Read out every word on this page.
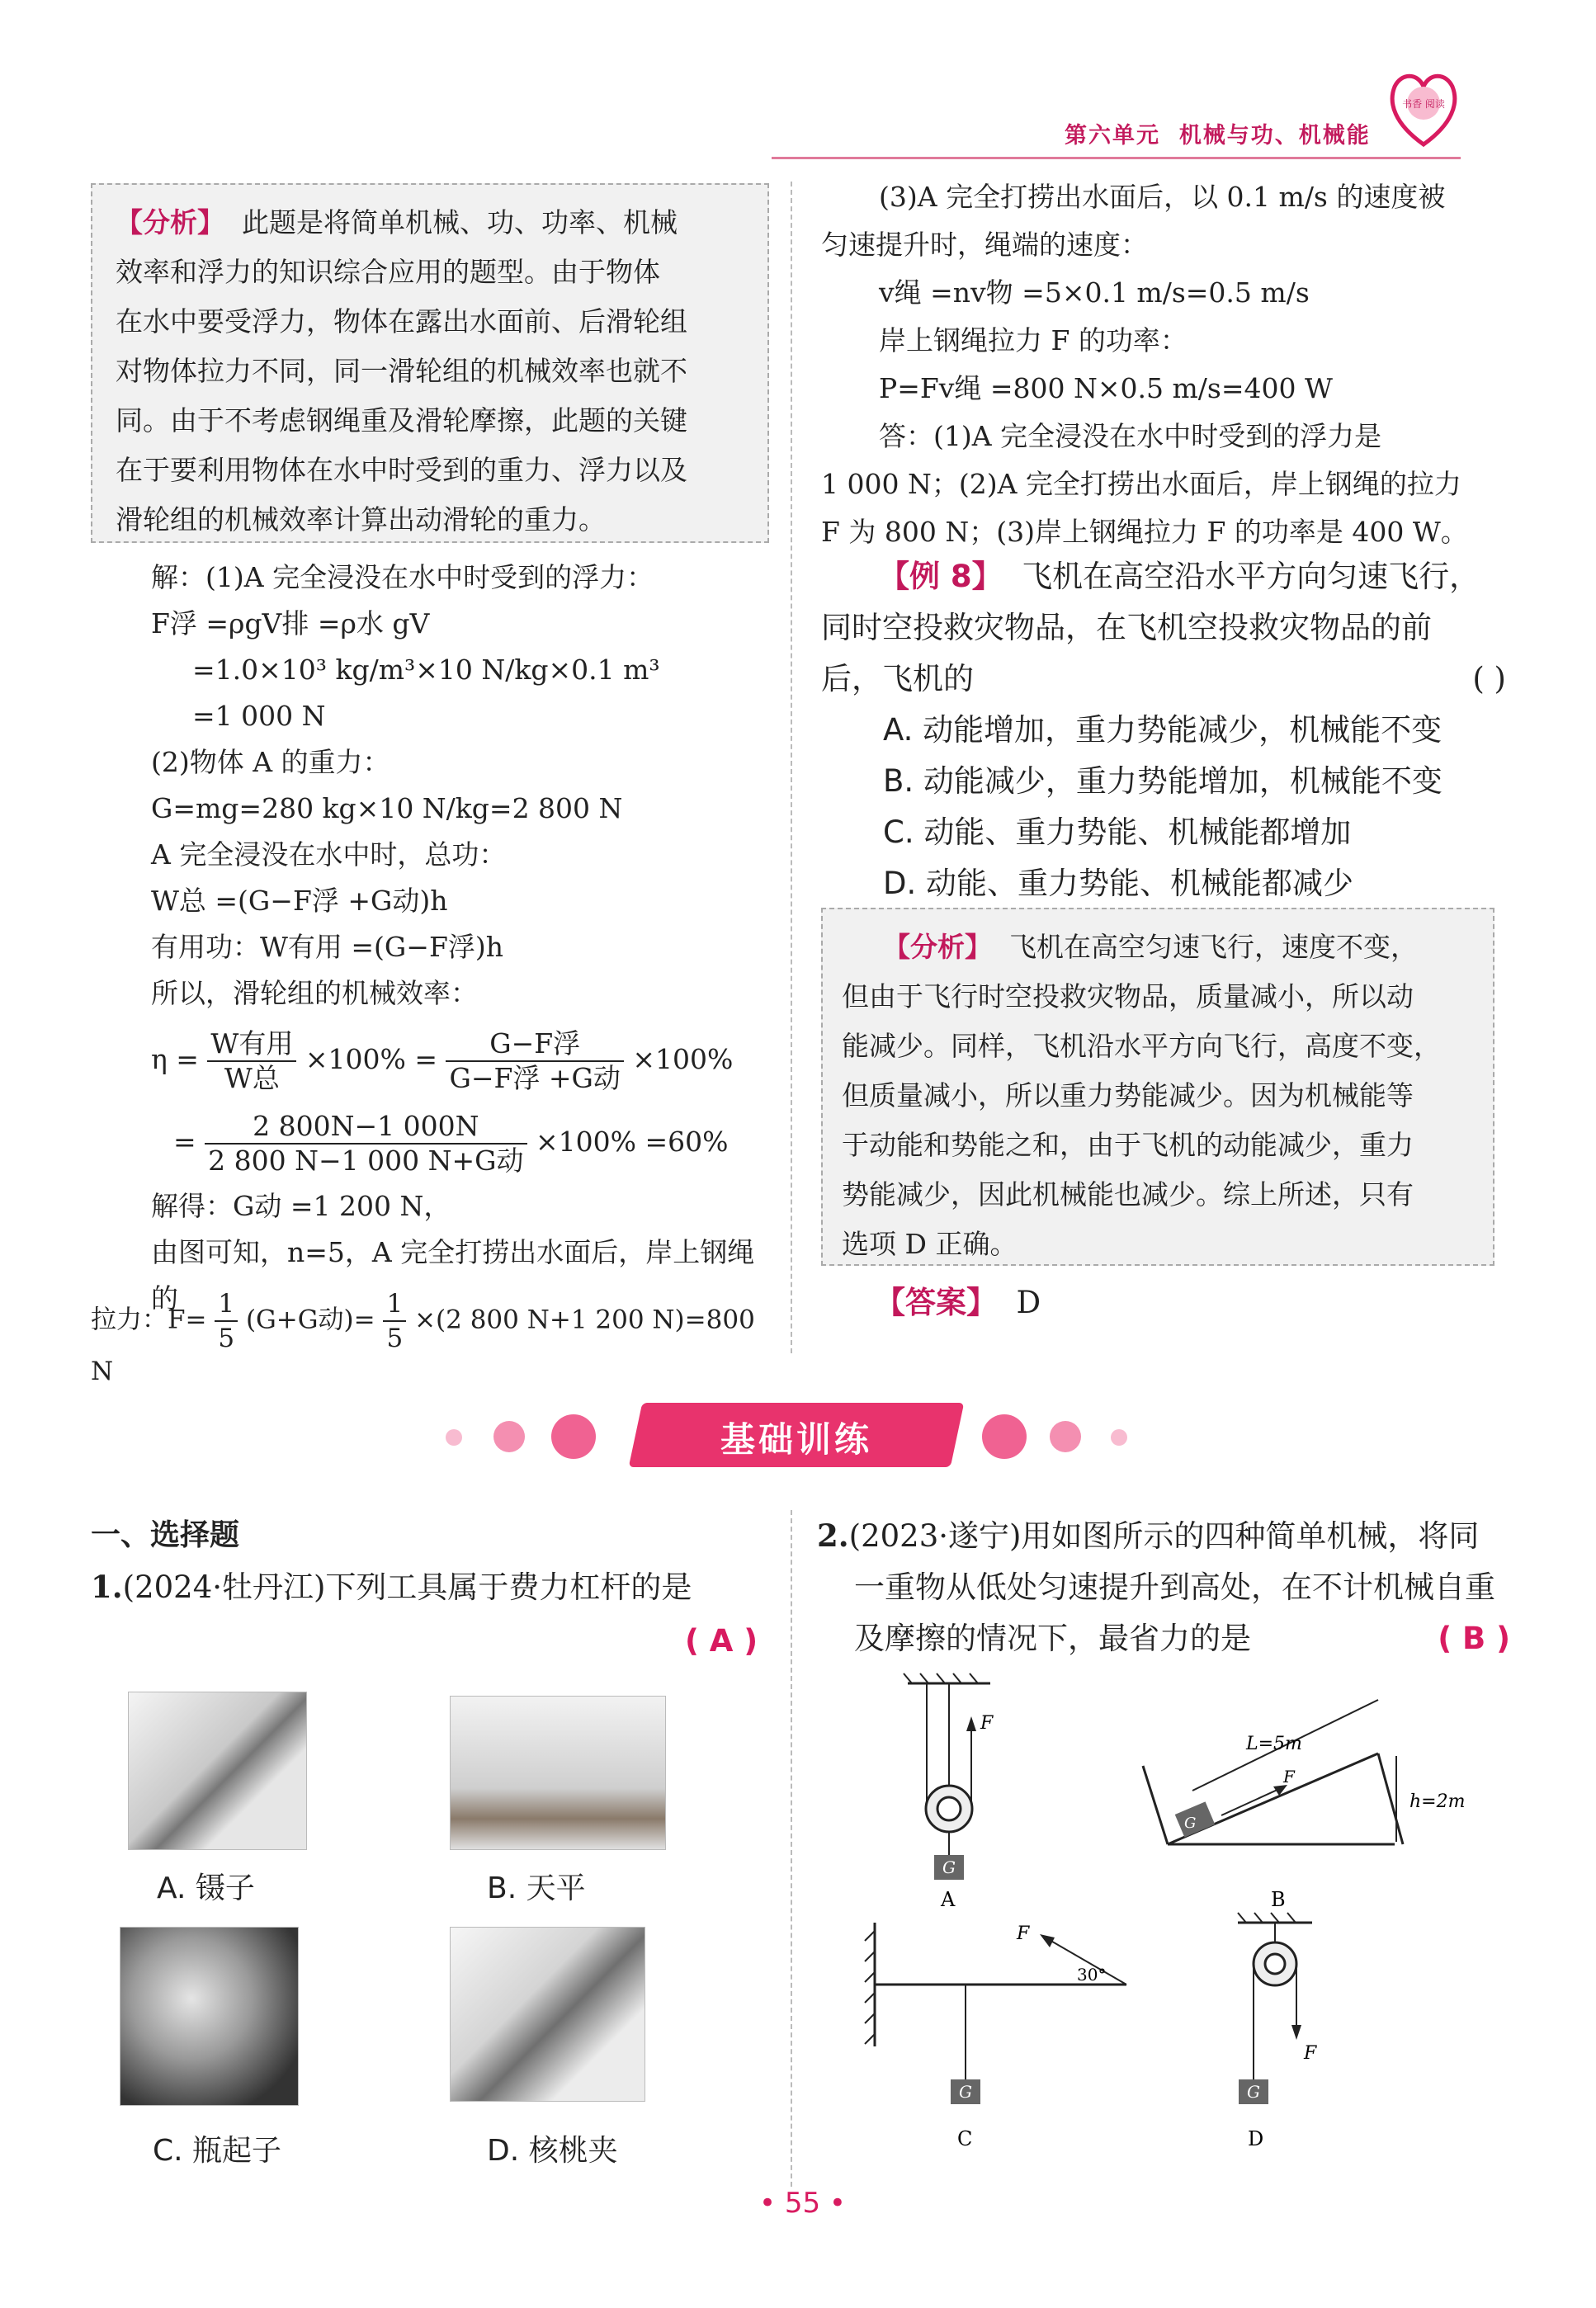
第六单元 机械与功、机械能
书香 阅读
【分析】 此题是将简单机械、功、功率、机械
效率和浮力的知识综合应用的题型。由于物体
在水中要受浮力，物体在露出水面前、后滑轮组
对物体拉力不同，同一滑轮组的机械效率也就不
同。由于不考虑钢绳重及滑轮摩擦，此题的关键
在于要利用物体在水中时受到的重力、浮力以及
滑轮组的机械效率计算出动滑轮的重力。
解：(1)A 完全浸没在水中时受到的浮力：
F浮 =ρgV排 =ρ水 gV
=1.0×10³ kg/m³×10 N/kg×0.1 m³
=1 000 N
(2)物体 A 的重力：
G=mg=280 kg×10 N/kg=2 800 N
A 完全浸没在水中时，总功：
W总 =(G−F浮 +G动)h
有用功：W有用 =(G−F浮)h
所以，滑轮组的机械效率：
$\eta = \frac{\text{W有用}}{\text{W总}} \times 100\% = \frac{\text{G−F浮}}{\text{G−F浮 +G动}} \times 100\%$
= $\frac{2 800N-1 000N}{\text{2 800 N−1 000 N+G动}} \times 100\% =60\%$
解得：G动 =1 200 N，
由图可知，n=5，A 完全打捞出水面后，岸上钢绳的
拉力：$F= \frac{1}{5} (G+G$动)= $\frac{1}{5} \times(2$ 800 N+1 200 N)=800 N
(3)A 完全打捞出水面后，以 0.1 m/s 的速度被
匀速提升时，绳端的速度：
v绳 =nv物 =5×0.1 m/s=0.5 m/s
岸上钢绳拉力 F 的功率：
P=Fv绳 =800 N×0.5 m/s=400 W
答：(1)A 完全浸没在水中时受到的浮力是
1 000 N；(2)A 完全打捞出水面后，岸上钢绳的拉力
F 为 800 N；(3)岸上钢绳拉力 F 的功率是 400 W。
【例 8】 飞机在高空沿水平方向匀速飞行，
同时空投救灾物品，在飞机空投救灾物品的前
后，飞机的	( )
A. 动能增加，重力势能减少，机械能不变
B. 动能减少，重力势能增加，机械能不变
C. 动能、重力势能、机械能都增加
D. 动能、重力势能、机械能都减少
【分析】 飞机在高空匀速飞行，速度不变，
但由于飞行时空投救灾物品，质量减小，所以动
能减少。同样，飞机沿水平方向飞行，高度不变，
但质量减小，所以重力势能减少。因为机械能等
于动能和势能之和，由于飞机的动能减少，重力
势能减少，因此机械能也减少。综上所述，只有
选项 D 正确。
【答案】 D
基础训练
一、选择题
1.(2024·牡丹江)下列工具属于费力杠杆的是
( A )
A. 镊子	B. 天平
C. 瓶起子	D. 核桃夹
2.(2023·遂宁)用如图所示的四种简单机械，将同
一重物从低处匀速提升到高处，在不计机械自重
及摩擦的情况下，最省力的是	( B )
F
G
A
L=5m
F
G
h=2m
B
F
30°
G
C
F
G
D
• 55 •
